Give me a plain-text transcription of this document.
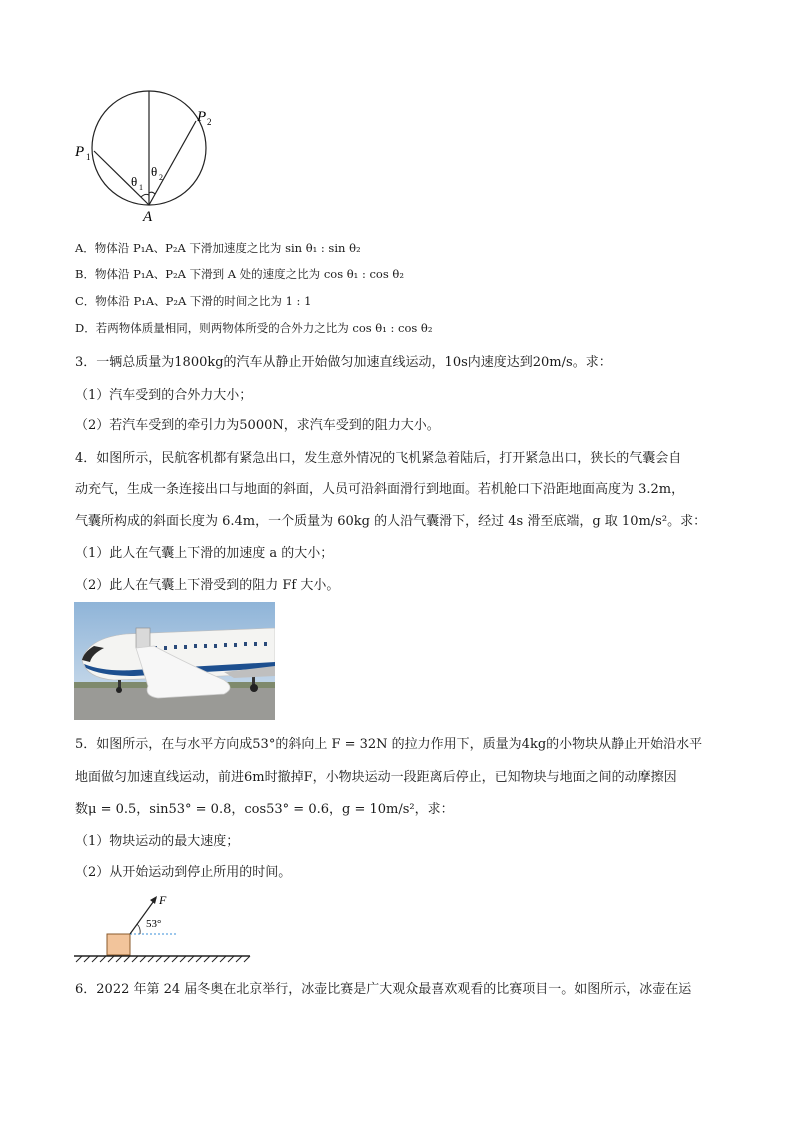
P 1
P 2
A
θ 1
θ 2
A．物体沿 P₁A、P₂A 下滑加速度之比为 sin θ₁ : sin θ₂
B．物体沿 P₁A、P₂A 下滑到 A 处的速度之比为 cos θ₁ : cos θ₂
C．物体沿 P₁A、P₂A 下滑的时间之比为 1 : 1
D．若两物体质量相同，则两物体所受的合外力之比为 cos θ₁ : cos θ₂
3．一辆总质量为1800kg的汽车从静止开始做匀加速直线运动，10s内速度达到20m/s。求：
（1）汽车受到的合外力大小；
（2）若汽车受到的牵引力为5000N，求汽车受到的阻力大小。
4．如图所示，民航客机都有紧急出口，发生意外情况的飞机紧急着陆后，打开紧急出口，狭长的气囊会自
动充气，生成一条连接出口与地面的斜面，人员可沿斜面滑行到地面。若机舱口下沿距地面高度为 3.2m，
气囊所构成的斜面长度为 6.4m，一个质量为 60kg 的人沿气囊滑下，经过 4s 滑至底端，g 取 10m/s²。求：
（1）此人在气囊上下滑的加速度 a 的大小；
（2）此人在气囊上下滑受到的阻力 Ff 大小。
5．如图所示，在与水平方向成53°的斜向上 F = 32N 的拉力作用下，质量为4kg的小物块从静止开始沿水平
地面做匀加速直线运动，前进6m时撤掉F，小物块运动一段距离后停止，已知物块与地面之间的动摩擦因
数μ = 0.5，sin53° = 0.8，cos53° = 0.6，g = 10m/s²，求：
（1）物块运动的最大速度；
（2）从开始运动到停止所用的时间。
F
53°
6．2022 年第 24 届冬奥在北京举行，冰壶比赛是广大观众最喜欢观看的比赛项目一。如图所示，冰壶在运
